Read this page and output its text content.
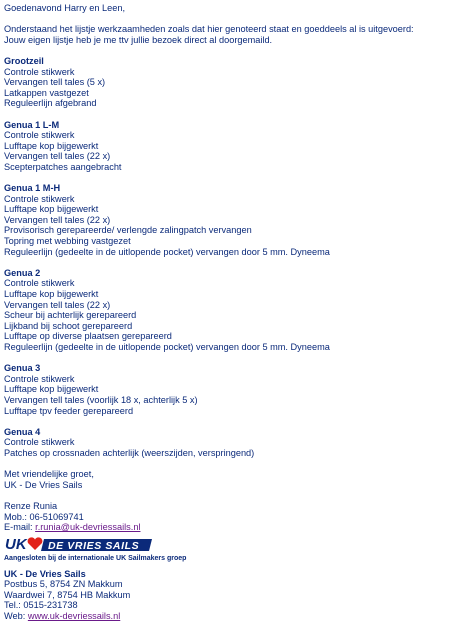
Goedenavond Harry en Leen,
Onderstaand het lijstje werkzaamheden zoals dat hier genoteerd staat en goeddeels al is uitgevoerd:
Jouw eigen lijstje heb je me ttv jullie bezoek direct al doorgemaild.
Grootzeil
Controle stikwerk
Vervangen tell tales (5 x)
Latkappen vastgezet
Reguleerlijn afgebrand
Genua 1 L-M
Controle stikwerk
Lufftape kop bijgewerkt
Vervangen tell tales (22 x)
Scepterpatches aangebracht
Genua 1 M-H
Controle stikwerk
Lufftape kop bijgewerkt
Vervangen tell tales (22 x)
Provisorisch gerepareerde/ verlengde zalingpatch vervangen
Topring met webbing vastgezet
Reguleerlijn (gedeelte in de uitlopende pocket) vervangen door 5 mm. Dyneema
Genua 2
Controle stikwerk
Lufftape kop bijgewerkt
Vervangen tell tales (22 x)
Scheur bij achterlijk gerepareerd
Lijkband bij schoot gerepareerd
Lufftape op diverse plaatsen gerepareerd
Reguleerlijn (gedeelte in de uitlopende pocket) vervangen door 5 mm. Dyneema
Genua 3
Controle stikwerk
Lufftape kop bijgewerkt
Vervangen tell tales (voorlijk 18 x, achterlijk 5 x)
Lufftape tpv feeder gerepareerd
Genua 4
Controle stikwerk
Patches op crossnaden achterlijk (weerszijden, verspringend)
Met vriendelijke groet,
UK - De Vries Sails
Renze Runia
Mob.: 06-51069741
E-mail: r.runia@uk-devriessails.nl
UK DE VRIES SAILS
Aangesloten bij de internationale UK Sailmakers groep
UK - De Vries Sails
Postbus 5, 8754 ZN Makkum
Waardwei 7, 8754 HB Makkum
Tel.: 0515-231738
Web: www.uk-devriessails.nl
